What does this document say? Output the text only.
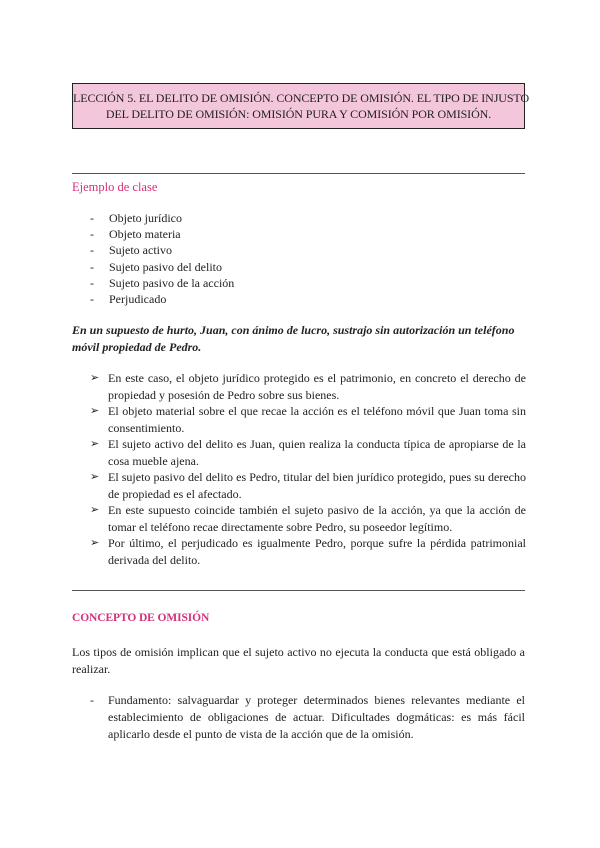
LECCIÓN 5. EL DELITO DE OMISIÓN. CONCEPTO DE OMISIÓN. EL TIPO DE INJUSTO
DEL DELITO DE OMISIÓN: OMISIÓN PURA Y COMISIÓN POR OMISIÓN.
Ejemplo de clase
- Objeto jurídico
- Objeto materia
- Sujeto activo
- Sujeto pasivo del delito
- Sujeto pasivo de la acción
- Perjudicado
En un supuesto de hurto, Juan, con ánimo de lucro, sustrajo sin autorización un teléfono
móvil propiedad de Pedro.
➢ En este caso, el objeto jurídico protegido es el patrimonio, en concreto el derecho de propiedad y posesión de Pedro sobre sus bienes.
➢ El objeto material sobre el que recae la acción es el teléfono móvil que Juan toma sin consentimiento.
➢ El sujeto activo del delito es Juan, quien realiza la conducta típica de apropiarse de la cosa mueble ajena.
➢ El sujeto pasivo del delito es Pedro, titular del bien jurídico protegido, pues su derecho de propiedad es el afectado.
➢ En este supuesto coincide también el sujeto pasivo de la acción, ya que la acción de tomar el teléfono recae directamente sobre Pedro, su poseedor legítimo.
➢ Por último, el perjudicado es igualmente Pedro, porque sufre la pérdida patrimonial derivada del delito.
CONCEPTO DE OMISIÓN
Los tipos de omisión implican que el sujeto activo no ejecuta la conducta que está obligado a realizar.
- Fundamento: salvaguardar y proteger determinados bienes relevantes mediante el establecimiento de obligaciones de actuar. Dificultades dogmáticas: es más fácil aplicarlo desde el punto de vista de la acción que de la omisión.
